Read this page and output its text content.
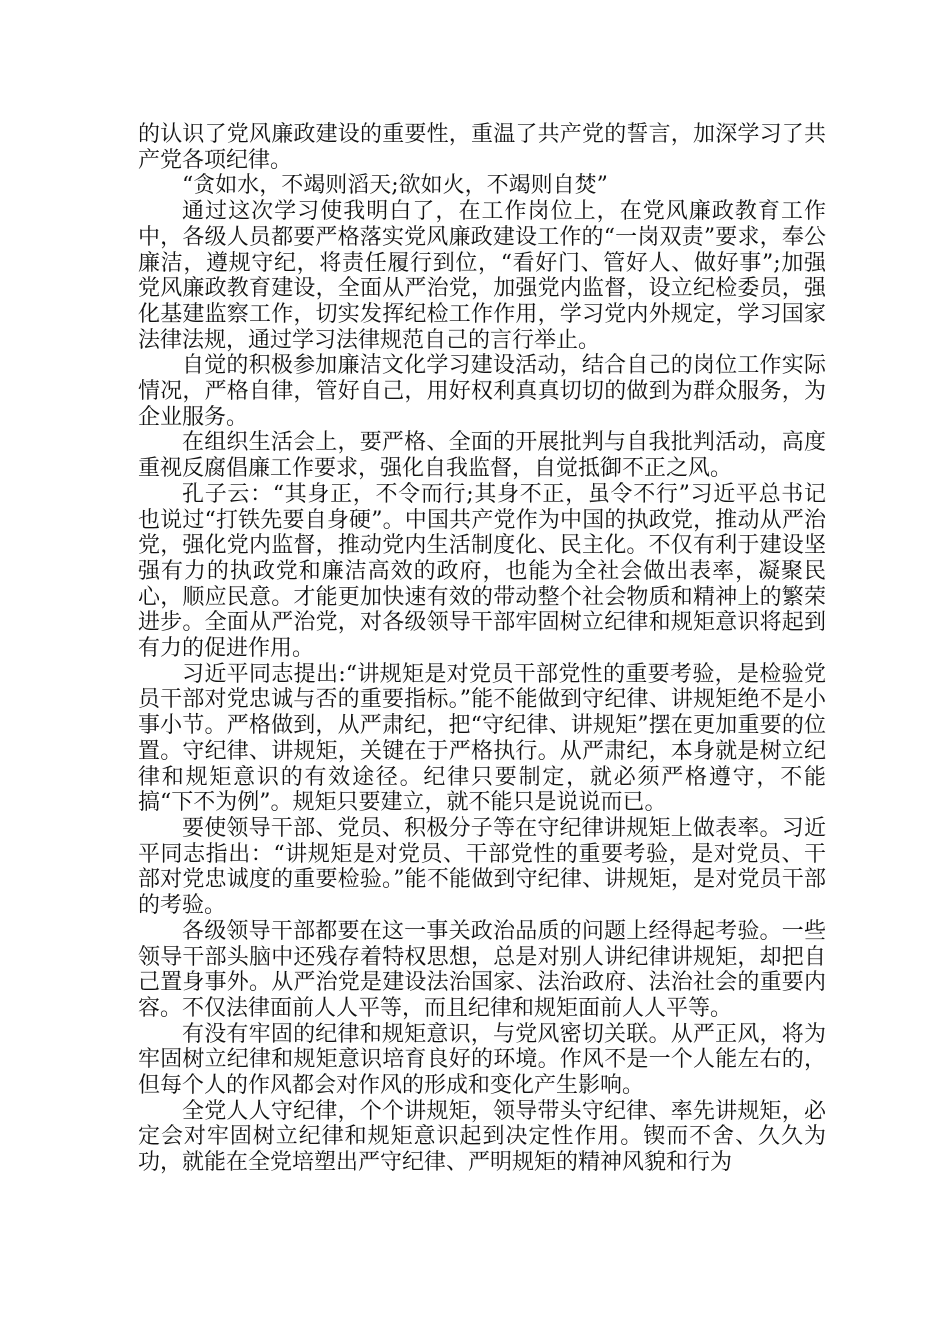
的认识了党风廉政建设的重要性，重温了共产党的誓言，加深学习了共产党各项纪律。

“贪如水，不竭则滔天;欲如火，不竭则自焚”

通过这次学习使我明白了，在工作岗位上，在党风廉政教育工作中，各级人员都要严格落实党风廉政建设工作的“一岗双责”要求，奉公廉洁，遵规守纪，将责任履行到位，“看好门、管好人、做好事”;加强党风廉政教育建设，全面从严治党，加强党内监督，设立纪检委员，强化基建监察工作，切实发挥纪检工作作用，学习党内外规定，学习国家法律法规，通过学习法律规范自己的言行举止。

自觉的积极参加廉洁文化学习建设活动，结合自己的岗位工作实际情况，严格自律，管好自己，用好权利真真切切的做到为群众服务，为企业服务。

在组织生活会上，要严格、全面的开展批判与自我批判活动，高度重视反腐倡廉工作要求，强化自我监督，自觉抵御不正之风。

孔子云：“其身正，不令而行;其身不正，虽令不行”习近平总书记也说过“打铁先要自身硬”。中国共产党作为中国的执政党，推动从严治党，强化党内监督，推动党内生活制度化、民主化。不仅有利于建设坚强有力的执政党和廉洁高效的政府，也能为全社会做出表率，凝聚民心，顺应民意。才能更加快速有效的带动整个社会物质和精神上的繁荣进步。全面从严治党，对各级领导干部牢固树立纪律和规矩意识将起到有力的促进作用。

习近平同志提出:“讲规矩是对党员干部党性的重要考验，是检验党员干部对党忠诚与否的重要指标。”能不能做到守纪律、讲规矩绝不是小事小节。严格做到，从严肃纪，把“守纪律、讲规矩”摆在更加重要的位置。守纪律、讲规矩，关键在于严格执行。从严肃纪，本身就是树立纪律和规矩意识的有效途径。纪律只要制定，就必须严格遵守，不能搞“下不为例”。规矩只要建立，就不能只是说说而已。

要使领导干部、党员、积极分子等在守纪律讲规矩上做表率。习近平同志指出：“讲规矩是对党员、干部党性的重要考验，是对党员、干部对党忠诚度的重要检验。”能不能做到守纪律、讲规矩，是对党员干部的考验。

各级领导干部都要在这一事关政治品质的问题上经得起考验。一些领导干部头脑中还残存着特权思想，总是对别人讲纪律讲规矩，却把自己置身事外。从严治党是建设法治国家、法治政府、法治社会的重要内容。不仅法律面前人人平等，而且纪律和规矩面前人人平等。

有没有牢固的纪律和规矩意识，与党风密切关联。从严正风，将为牢固树立纪律和规矩意识培育良好的环境。作风不是一个人能左右的，但每个人的作风都会对作风的形成和变化产生影响。

全党人人守纪律，个个讲规矩，领导带头守纪律、率先讲规矩，必定会对牢固树立纪律和规矩意识起到决定性作用。锲而不舍、久久为功，就能在全党培塑出严守纪律、严明规矩的精神风貌和行为
